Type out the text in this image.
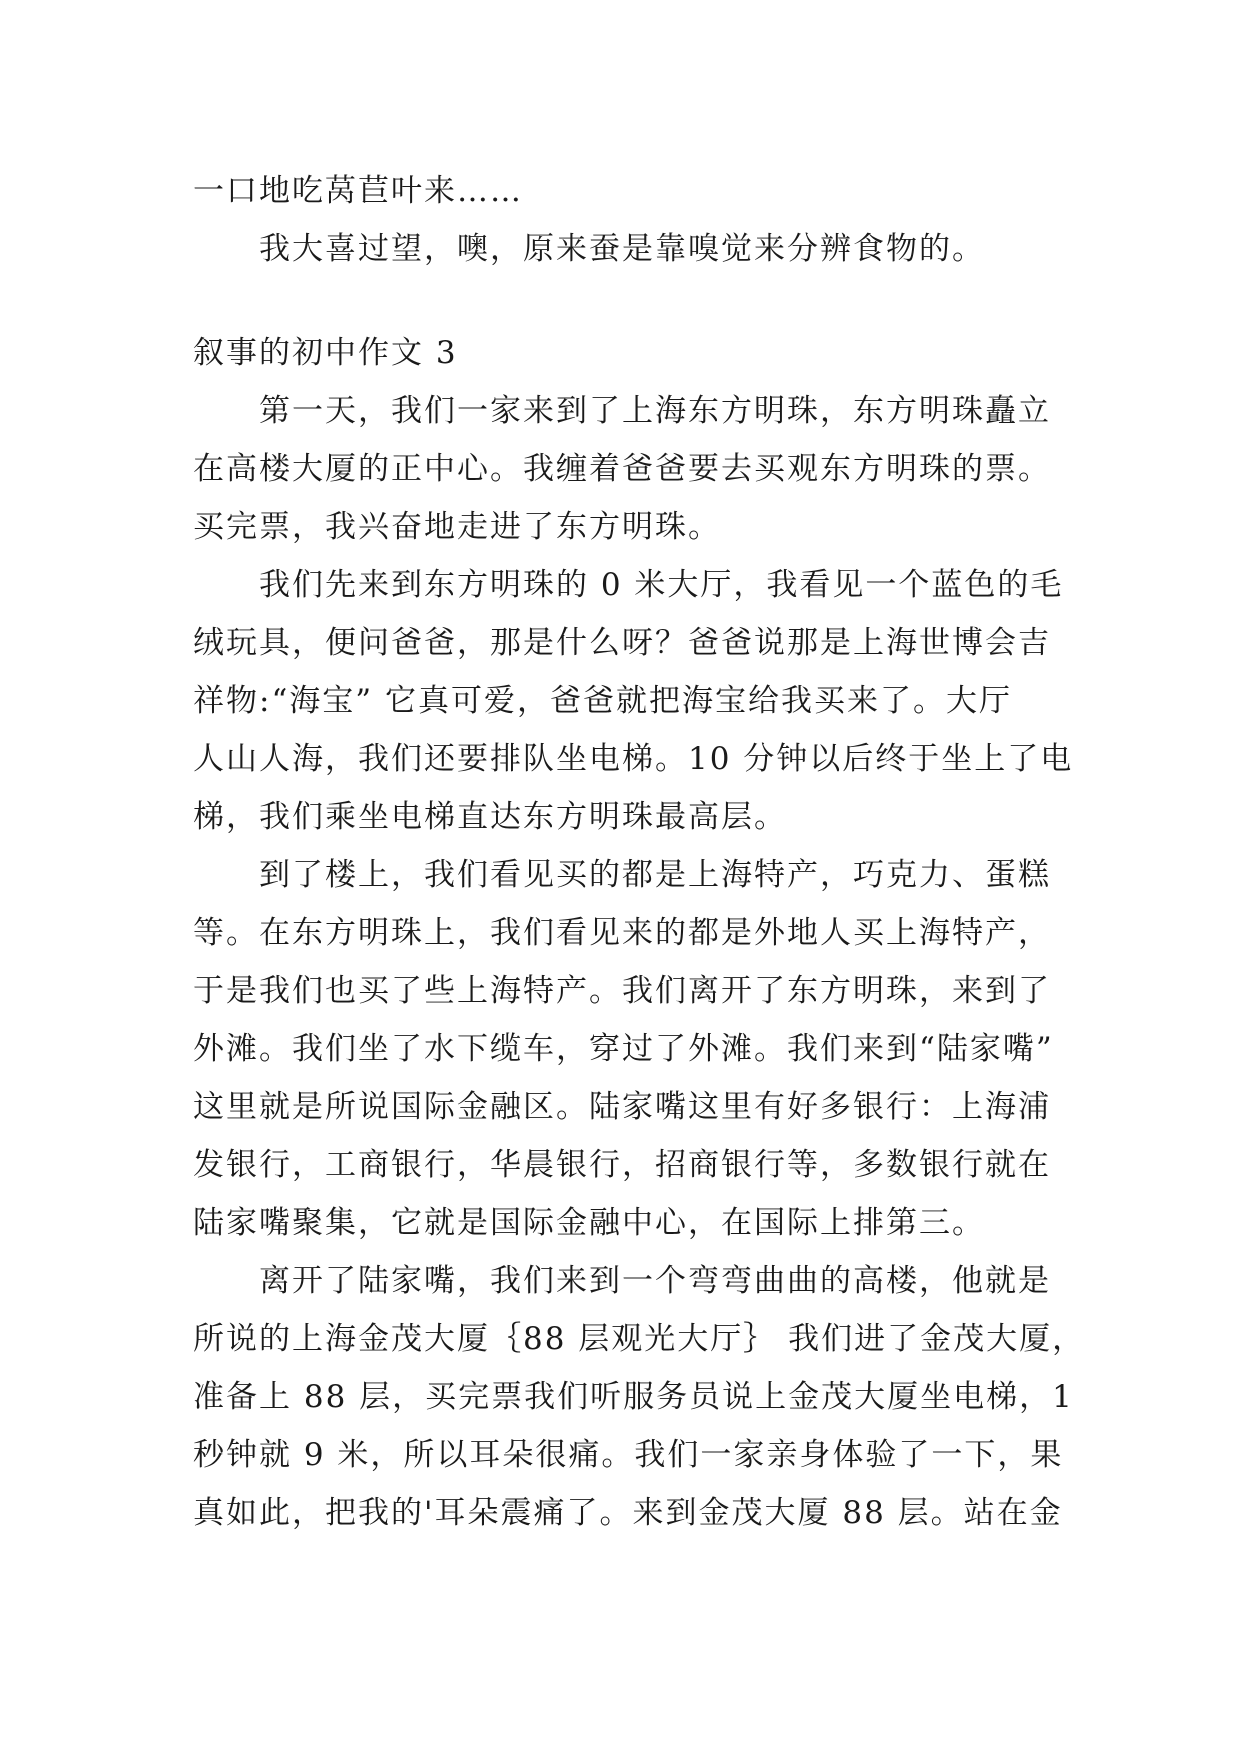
一口地吃莴苣叶来……
我大喜过望，噢，原来蚕是靠嗅觉来分辨食物的。
叙事的初中作文 3
第一天，我们一家来到了上海东方明珠，东方明珠矗立
在高楼大厦的正中心。我缠着爸爸要去买观东方明珠的票。
买完票，我兴奋地走进了东方明珠。
我们先来到东方明珠的 0 米大厅，我看见一个蓝色的毛
绒玩具，便问爸爸，那是什么呀？爸爸说那是上海世博会吉
祥物:“海宝” 它真可爱，爸爸就把海宝给我买来了。大厅
人山人海，我们还要排队坐电梯。10 分钟以后终于坐上了电
梯，我们乘坐电梯直达东方明珠最高层。
到了楼上，我们看见买的都是上海特产，巧克力、蛋糕
等。在东方明珠上，我们看见来的都是外地人买上海特产，
于是我们也买了些上海特产。我们离开了东方明珠，来到了
外滩。我们坐了水下缆车，穿过了外滩。我们来到“陆家嘴”
这里就是所说国际金融区。陆家嘴这里有好多银行：上海浦
发银行，工商银行，华晨银行，招商银行等，多数银行就在
陆家嘴聚集，它就是国际金融中心，在国际上排第三。
离开了陆家嘴，我们来到一个弯弯曲曲的高楼，他就是
所说的上海金茂大厦｛88 层观光大厅｝ 我们进了金茂大厦，
准备上 88 层，买完票我们听服务员说上金茂大厦坐电梯，1
秒钟就 9 米，所以耳朵很痛。我们一家亲身体验了一下，果
真如此，把我的'耳朵震痛了。来到金茂大厦 88 层。站在金
